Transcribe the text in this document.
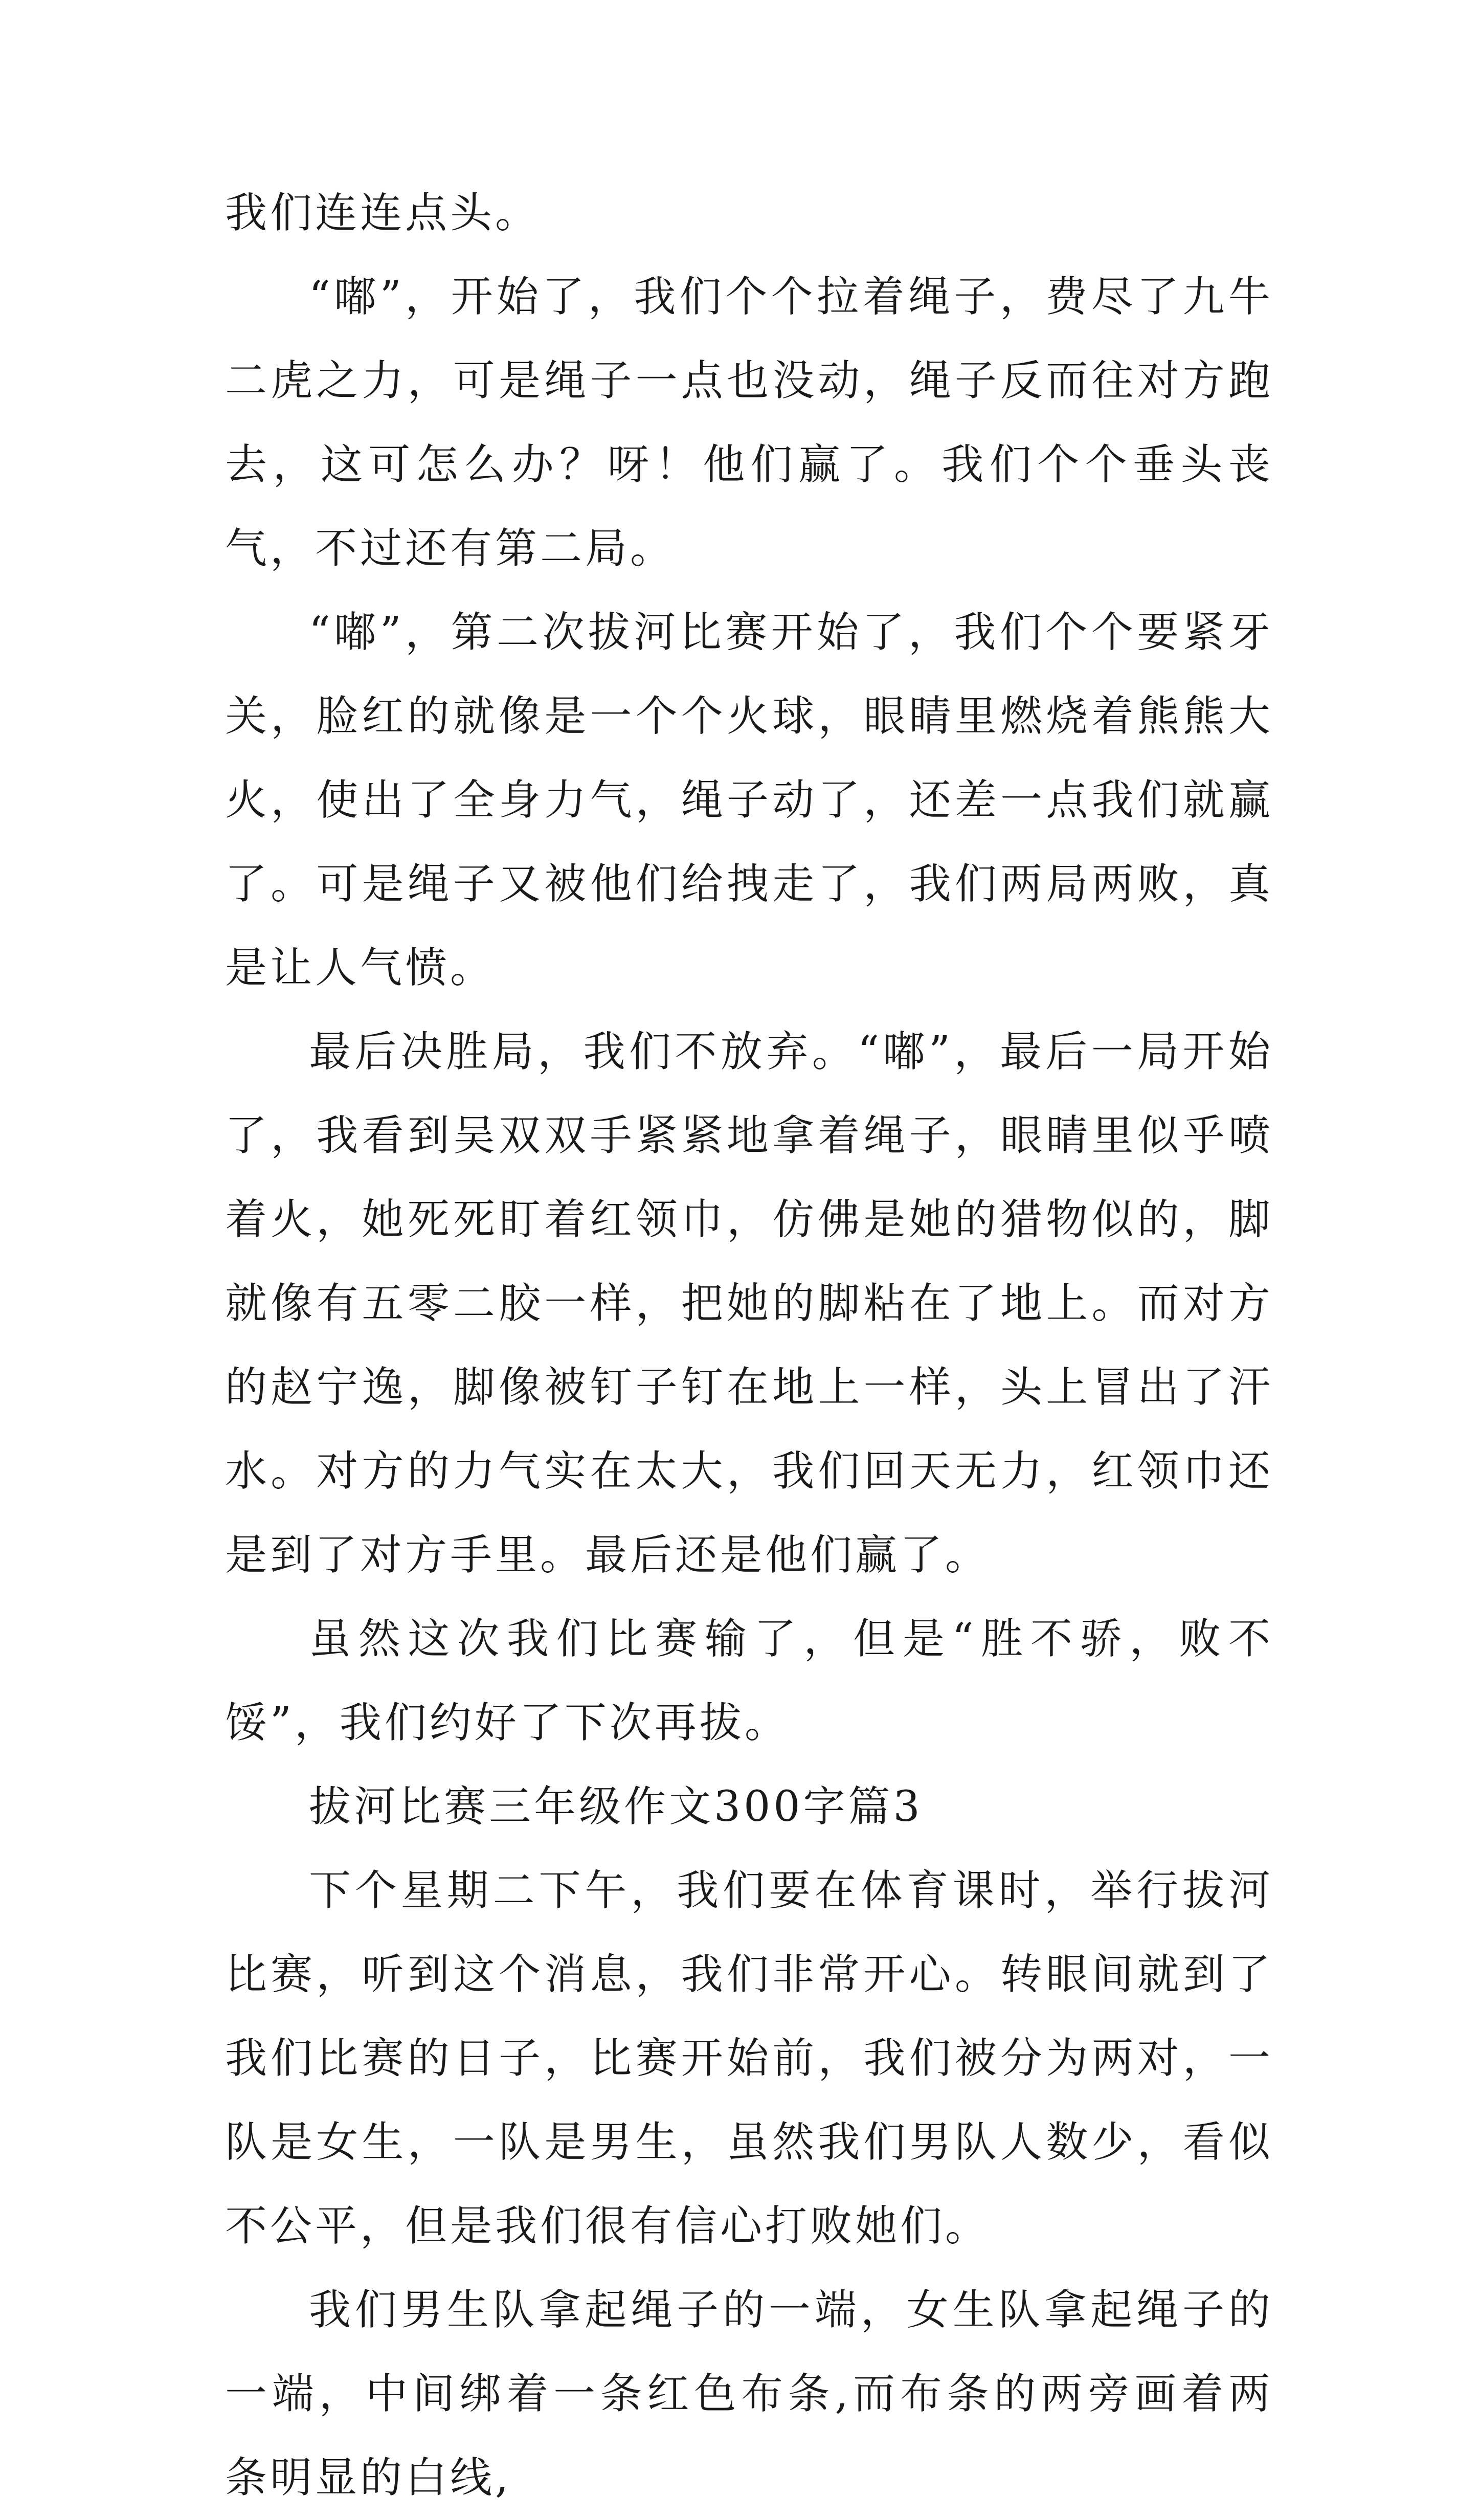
我们连连点头。

“嘟”，开始了，我们个个拉着绳子，费尽了九牛二虎之力，可是绳子一点也没动，绳子反而往对方跑去，这可怎么办？呀！他们赢了。我们个个垂头丧气，不过还有第二局。

“嘟”，第二次拔河比赛开始了，我们个个要紧牙关，脸红的就像是一个个火球，眼睛里燃烧着熊熊大火，使出了全身力气，绳子动了，还差一点我们就赢了。可是绳子又被他们给拽走了，我们两局两败，真是让人气愤。

最后决胜局，我们不放弃。“嘟”，最后一局开始了，我看到吴双双手紧紧地拿着绳子，眼睛里似乎喷着火，她死死盯着红领巾，仿佛是她的猎物似的，脚就像有五零二胶一样，把她的脚粘在了地上。而对方的赵宁逸，脚像被钉子钉在地上一样，头上冒出了汗水。对方的力气实在太大，我们回天无力，红领巾还是到了对方手里。最后还是他们赢了。

虽然这次我们比赛输了，但是“胜不骄，败不馁”，我们约好了下次再拔。

拔河比赛三年级作文300字篇3

下个星期二下午，我们要在体育课时，举行拔河比赛，听到这个消息，我们非常开心。转眼间就到了我们比赛的日子，比赛开始前，我们被分为两对，一队是女生，一队是男生，虽然我们男队人数少，看似不公平，但是我们很有信心打败她们。

我们男生队拿起绳子的一端，女生队拿起绳子的一端，中间绑着一条红色布条,而布条的两旁画着两条明显的白线,
